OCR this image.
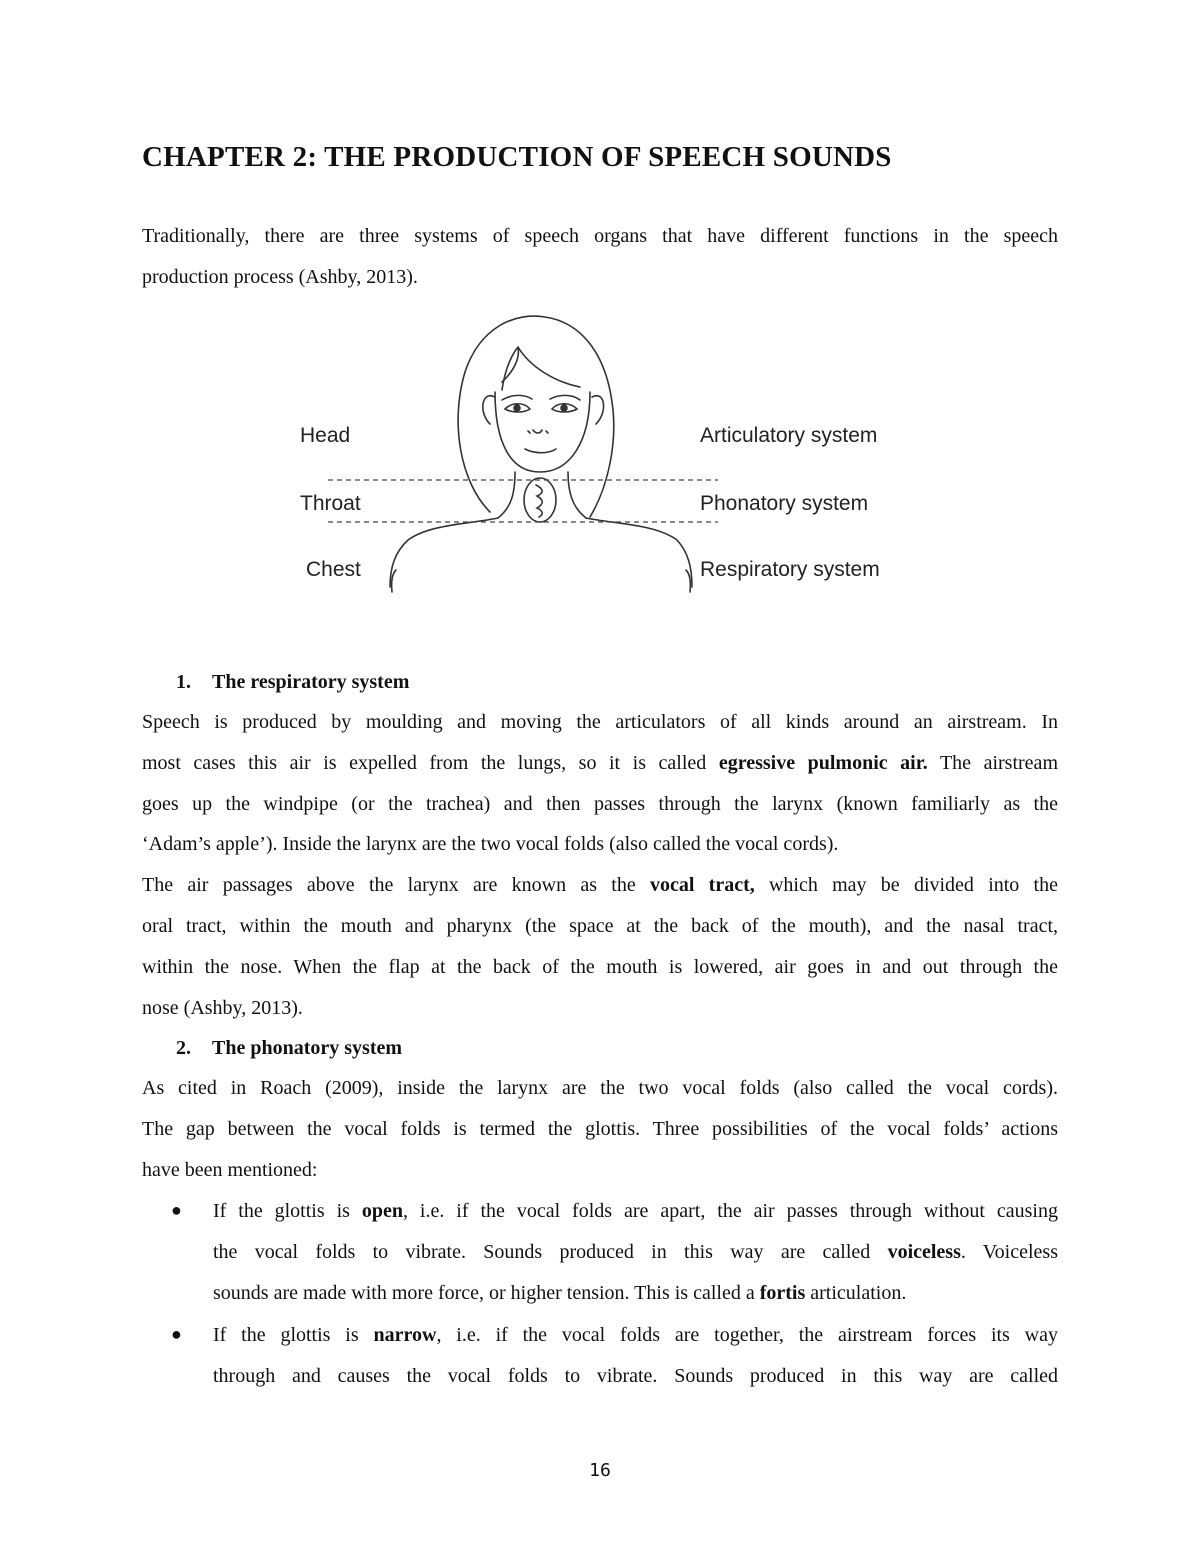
CHAPTER 2: THE PRODUCTION OF SPEECH SOUNDS
Traditionally, there are three systems of speech organs that have different functions in the speech
production process (Ashby, 2013).
Head
Throat
Chest
Articulatory system
Phonatory system
Respiratory system
1. The respiratory system
Speech is produced by moulding and moving the articulators of all kinds around an airstream. In
most cases this air is expelled from the lungs, so it is called egressive pulmonic air. The airstream
goes up the windpipe (or the trachea) and then passes through the larynx (known familiarly as the
‘Adam’s apple’). Inside the larynx are the two vocal folds (also called the vocal cords).
The air passages above the larynx are known as the vocal tract, which may be divided into the
oral tract, within the mouth and pharynx (the space at the back of the mouth), and the nasal tract,
within the nose. When the flap at the back of the mouth is lowered, air goes in and out through the
nose (Ashby, 2013).
2. The phonatory system
As cited in Roach (2009), inside the larynx are the two vocal folds (also called the vocal cords).
The gap between the vocal folds is termed the glottis. Three possibilities of the vocal folds’ actions
have been mentioned:
● If the glottis is open, i.e. if the vocal folds are apart, the air passes through without causing
the vocal folds to vibrate. Sounds produced in this way are called voiceless. Voiceless
sounds are made with more force, or higher tension. This is called a fortis articulation.
● If the glottis is narrow, i.e. if the vocal folds are together, the airstream forces its way
through and causes the vocal folds to vibrate. Sounds produced in this way are called
16
